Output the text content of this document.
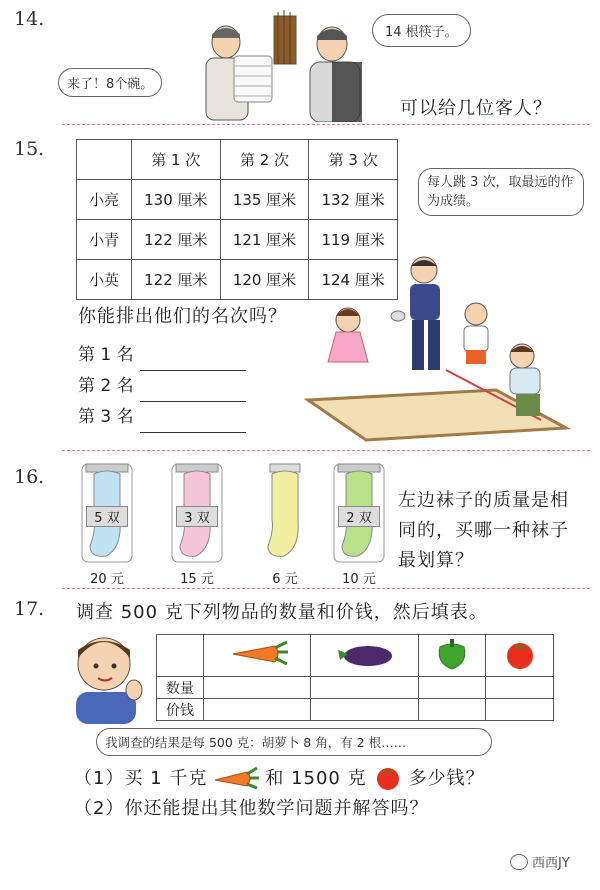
14.
来了！8个碗。
14 根筷子。
可以给几位客人？
15.
		第 1 次	第 2 次	第 3 次
小亮	130 厘米	135 厘米	132 厘米
小青	122 厘米	121 厘米	119 厘米
小英	122 厘米	120 厘米	124 厘米
每人跳 3 次，取最远的作为成绩。
你能排出他们的名次吗？
第 1 名
第 2 名
第 3 名
16.
5 双
20 元
3 双
15 元	6 元
2 双
10 元
左边袜子的质量是相同的，买哪一种袜子最划算？
17. 调查 500 克下列物品的数量和价钱，然后填表。

数量				
价钱				
我调查的结果是每 500 克：胡萝卜 8 角，有 2 根……
（1）买 1 千克	和 1500 克 多少钱？
（2）你还能提出其他数学问题并解答吗？
西西JY
